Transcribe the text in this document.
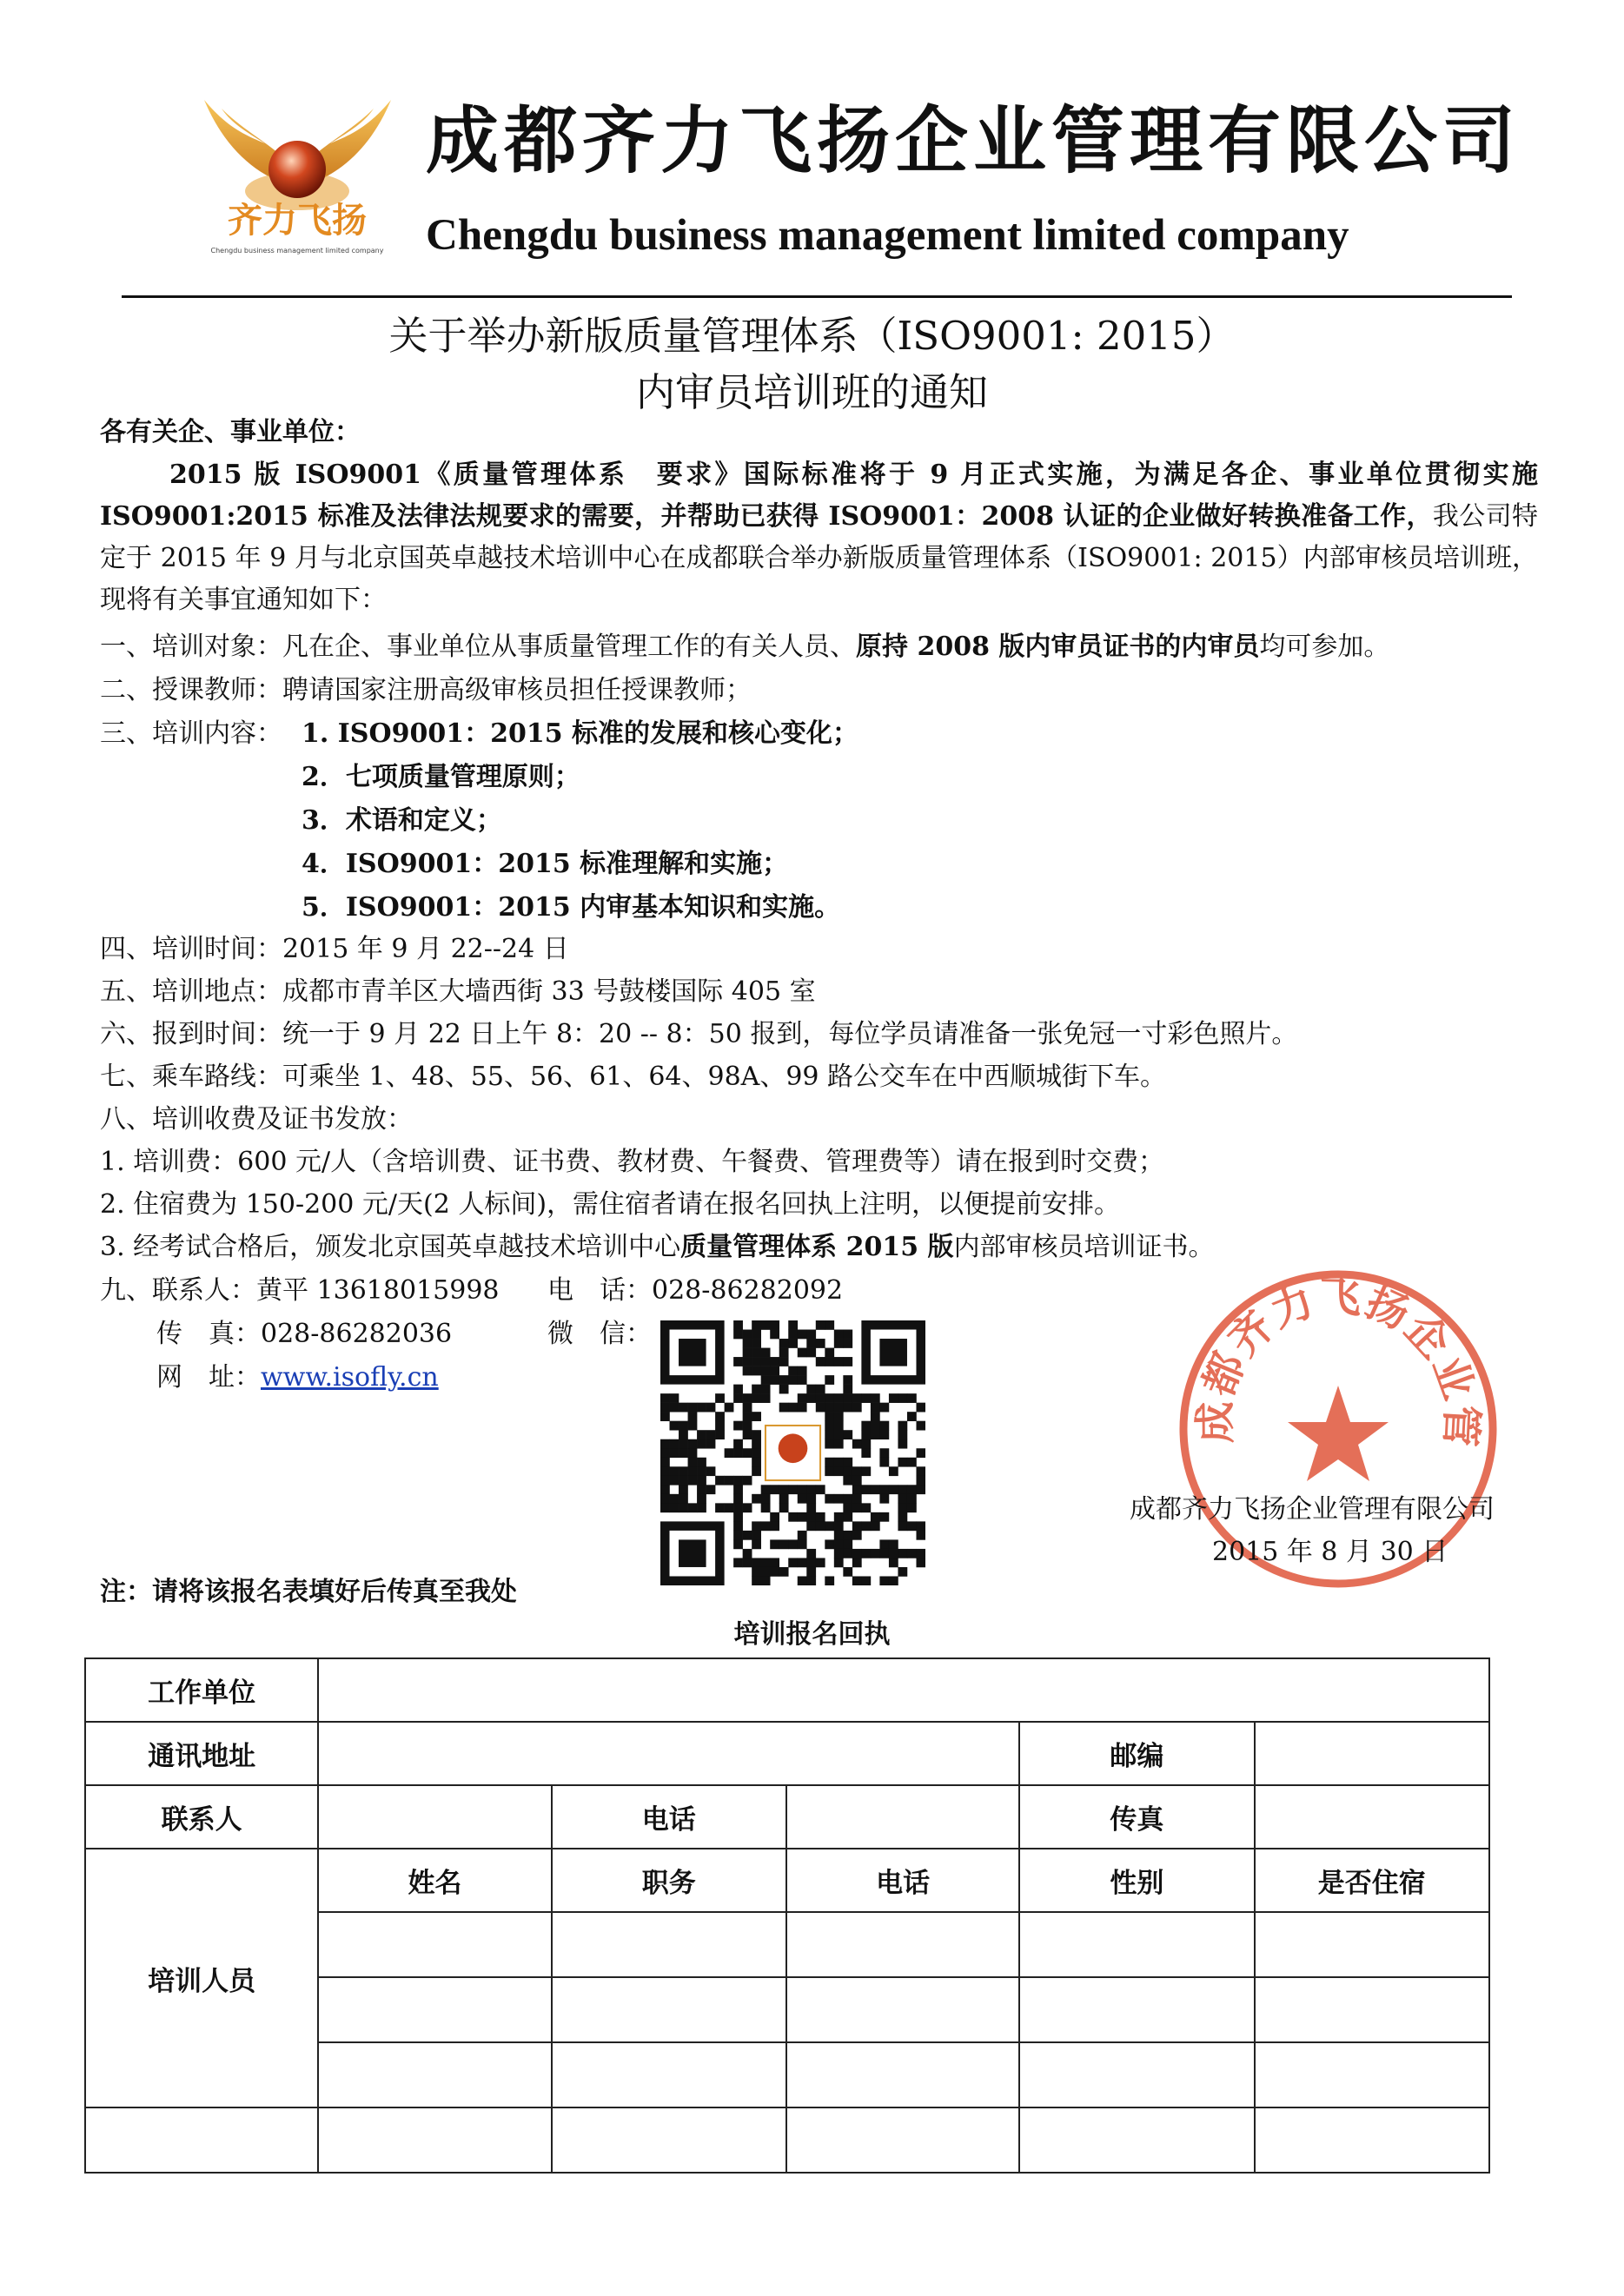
齐力飞扬
Chengdu business management limited company
成都齐力飞扬企业管理有限公司
Chengdu business management limited company
关于举办新版质量管理体系（ISO9001: 2015）
内审员培训班的通知
各有关企、事业单位：
2015 版 ISO9001《质量管理体系　要求》国际标准将于 9 月正式实施，为满足各企、事业单位贯彻实施 ISO9001:2015 标准及法律法规要求的需要，并帮助已获得 ISO9001：2008 认证的企业做好转换准备工作，我公司特定于 2015 年 9 月与北京国英卓越技术培训中心在成都联合举办新版质量管理体系（ISO9001: 2015）内部审核员培训班，现将有关事宜通知如下：
一、培训对象：凡在企、事业单位从事质量管理工作的有关人员、原持 2008 版内审员证书的内审员均可参加。
二、授课教师：聘请国家注册高级审核员担任授课教师；
三、培训内容： 1. ISO9001：2015 标准的发展和核心变化；
2．七项质量管理原则；
3．术语和定义；
4．ISO9001：2015 标准理解和实施；
5．ISO9001：2015 内审基本知识和实施。
四、培训时间：2015 年 9 月 22--24 日
五、培训地点：成都市青羊区大墙西街 33 号鼓楼国际 405 室
六、报到时间：统一于 9 月 22 日上午 8：20 -- 8：50 报到，每位学员请准备一张免冠一寸彩色照片。
七、乘车路线：可乘坐 1、48、55、56、61、64、98A、99 路公交车在中西顺城街下车。
八、培训收费及证书发放：
1. 培训费：600 元/人（含培训费、证书费、教材费、午餐费、管理费等）请在报到时交费；
2. 住宿费为 150-200 元/天(2 人标间)，需住宿者请在报名回执上注明，以便提前安排。
3. 经考试合格后，颁发北京国英卓越技术培训中心质量管理体系 2015 版内部审核员培训证书。
九、联系人：黄平 13618015998 电　话：028-86282092
传　真：028-86282036	微　信：
网　址：www.isofly.cn
成都齐力飞扬企业管
成都齐力飞扬企业管理有限公司
2015 年 8 月 30 日
注：请将该报名表填好后传真至我处
培训报名回执
工作单位					
通讯地址				邮编	
联系人		电话		传真	
培训人员	姓名	职务	电话	性别	是否住宿
